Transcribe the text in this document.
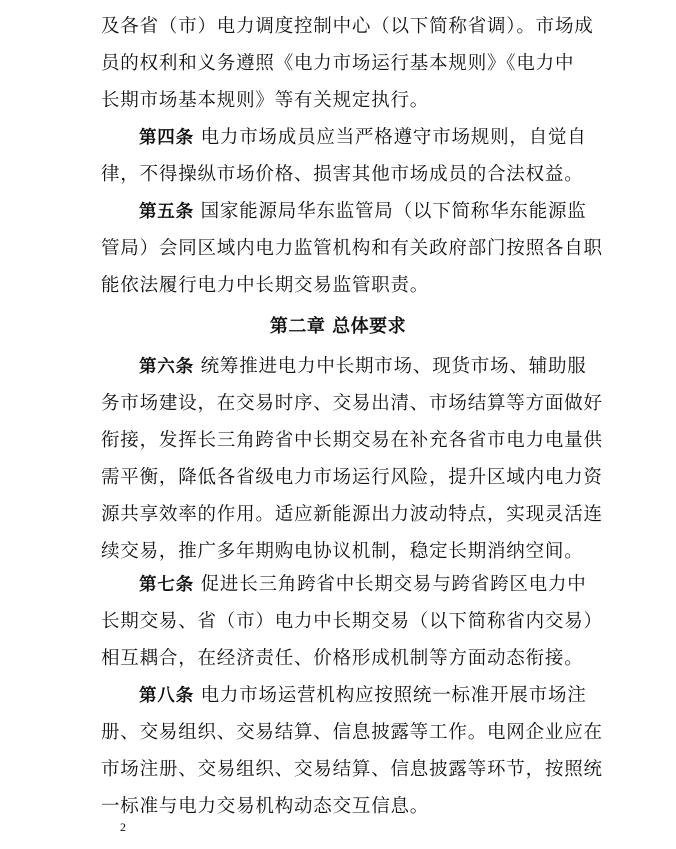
及各省（市）电力调度控制中心（以下简称省调）。市场成
员的权利和义务遵照《电力市场运行基本规则》《电力中
长期市场基本规则》等有关规定执行。
第四条 电力市场成员应当严格遵守市场规则，自觉自
律，不得操纵市场价格、损害其他市场成员的合法权益。
第五条 国家能源局华东监管局（以下简称华东能源监
管局）会同区域内电力监管机构和有关政府部门按照各自职
能依法履行电力中长期交易监管职责。
第二章 总体要求
第六条 统筹推进电力中长期市场、现货市场、辅助服
务市场建设，在交易时序、交易出清、市场结算等方面做好
衔接，发挥长三角跨省中长期交易在补充各省市电力电量供
需平衡，降低各省级电力市场运行风险，提升区域内电力资
源共享效率的作用。适应新能源出力波动特点，实现灵活连
续交易，推广多年期购电协议机制，稳定长期消纳空间。
第七条 促进长三角跨省中长期交易与跨省跨区电力中
长期交易、省（市）电力中长期交易（以下简称省内交易）
相互耦合，在经济责任、价格形成机制等方面动态衔接。
第八条 电力市场运营机构应按照统一标准开展市场注
册、交易组织、交易结算、信息披露等工作。电网企业应在
市场注册、交易组织、交易结算、信息披露等环节，按照统
一标准与电力交易机构动态交互信息。
2
